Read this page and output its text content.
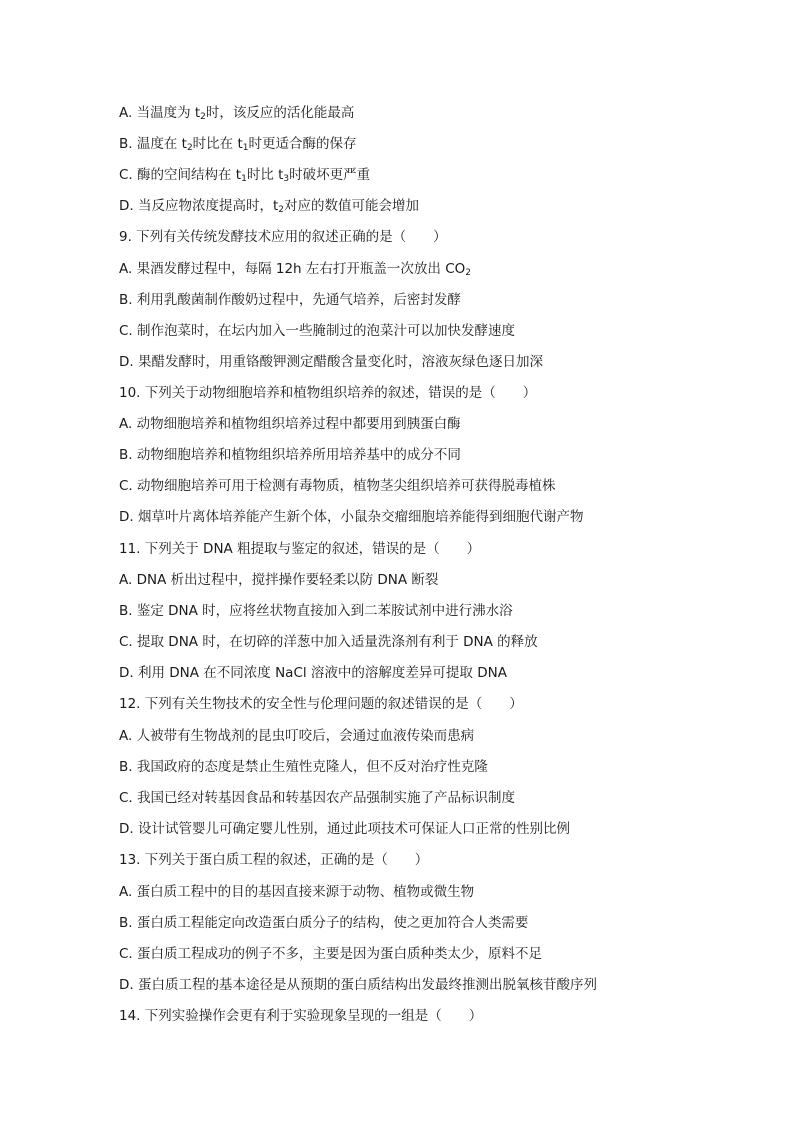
A. 当温度为 $t_2$时，该反应的活化能最高
B. 温度在 $t_2$时比在 $t_1$时更适合酶的保存
C. 酶的空间结构在 $t_1$时比 $t_3$时破坏更严重
D. 当反应物浓度提高时，$t_2$对应的数值可能会增加
9. 下列有关传统发酵技术应用的叙述正确的是（　　）
A. 果酒发酵过程中，每隔 12h 左右打开瓶盖一次放出 $CO_2$
B. 利用乳酸菌制作酸奶过程中，先通气培养，后密封发酵
C. 制作泡菜时，在坛内加入一些腌制过的泡菜汁可以加快发酵速度
D. 果醋发酵时，用重铬酸钾测定醋酸含量变化时，溶液灰绿色逐日加深
10. 下列关于动物细胞培养和植物组织培养的叙述，错误的是（　　）
A. 动物细胞培养和植物组织培养过程中都要用到胰蛋白酶
B. 动物细胞培养和植物组织培养所用培养基中的成分不同
C. 动物细胞培养可用于检测有毒物质，植物茎尖组织培养可获得脱毒植株
D. 烟草叶片离体培养能产生新个体，小鼠杂交瘤细胞培养能得到细胞代谢产物
11. 下列关于 DNA 粗提取与鉴定的叙述，错误的是（　　）
A. DNA 析出过程中，搅拌操作要轻柔以防 DNA 断裂
B. 鉴定 DNA 时，应将丝状物直接加入到二苯胺试剂中进行沸水浴
C. 提取 DNA 时，在切碎的洋葱中加入适量洗涤剂有利于 DNA 的释放
D. 利用 DNA 在不同浓度 NaCl 溶液中的溶解度差异可提取 DNA
12. 下列有关生物技术的安全性与伦理问题的叙述错误的是（　　）
A. 人被带有生物战剂的昆虫叮咬后，会通过血液传染而患病
B. 我国政府的态度是禁止生殖性克隆人，但不反对治疗性克隆
C. 我国已经对转基因食品和转基因农产品强制实施了产品标识制度
D. 设计试管婴儿可确定婴儿性别，通过此项技术可保证人口正常的性别比例
13. 下列关于蛋白质工程的叙述，正确的是（　　）
A. 蛋白质工程中的目的基因直接来源于动物、植物或微生物
B. 蛋白质工程能定向改造蛋白质分子的结构，使之更加符合人类需要
C. 蛋白质工程成功的例子不多，主要是因为蛋白质种类太少，原料不足
D. 蛋白质工程的基本途径是从预期的蛋白质结构出发最终推测出脱氧核苷酸序列
14. 下列实验操作会更有利于实验现象呈现的一组是（　　）
